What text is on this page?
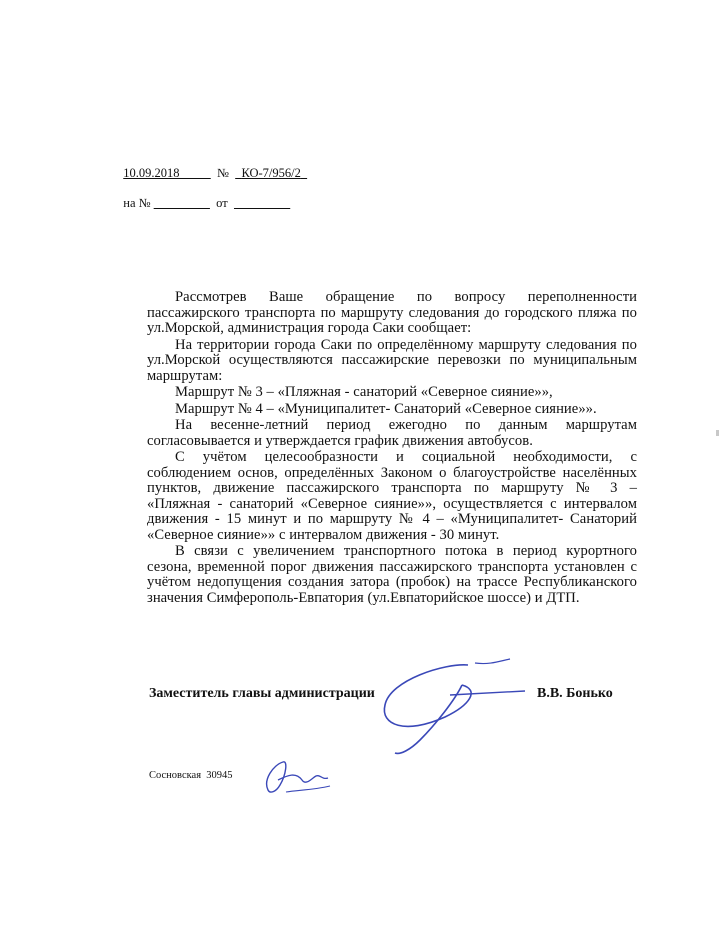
10.09.2018	№ КО-7/956/2

на №	от

Рассмотрев Ваше обращение по вопросу переполненности

пассажирского транспорта по маршруту следования до городского пляжа по

ул.Морской, администрация города Саки сообщает:

На территории города Саки по определённому маршруту следования по

ул.Морской осуществляются пассажирские перевозки по муниципальным

маршрутам:

Маршрут № 3 – «Пляжная - санаторий «Северное сияние»»,

Маршрут № 4 – «Муниципалитет- Санаторий «Северное сияние»».

На весенне-летний период ежегодно по данным маршрутам

согласовывается и утверждается график движения автобусов.

С учётом целесообразности и социальной необходимости, с

соблюдением основ, определённых Законом о благоустройстве населённых

пунктов, движение пассажирского транспорта по маршруту № 3 –

«Пляжная - санаторий «Северное сияние»», осуществляется с интервалом

движения - 15 минут и по маршруту № 4 – «Муниципалитет- Санаторий

«Северное сияние»» с интервалом движения - 30 минут.

В связи с увеличением транспортного потока в период курортного

сезона, временной порог движения пассажирского транспорта установлен с

учётом недопущения создания затора (пробок) на трассе Республиканского

значения Симферополь-Евпатория (ул.Евпаторийское шоссе) и ДТП.

Заместитель главы администрации	В.В. Бонько
Сосновская 30945
